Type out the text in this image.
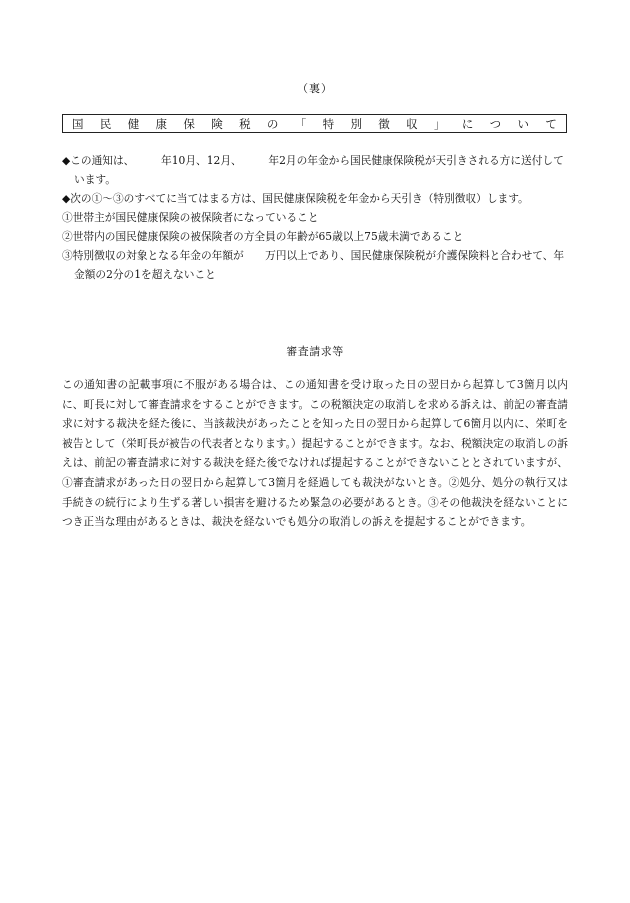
（裏）
国 民 健 康 保 険 税 の 「 特 別 徴 収 」 に つ い て

◆この通知は、　　　年10月、12月、　　　年2月の年金から国民健康保険税が天引きされる方に送付しています。

◆次の①～③のすべてに当てはまる方は、国民健康保険税を年金から天引き（特別徴収）します。

①世帯主が国民健康保険の被保険者になっていること

②世帯内の国民健康保険の被保険者の方全員の年齢が65歳以上75歳未満であること

③特別徴収の対象となる年金の年額が　　万円以上であり、国民健康保険税が介護保険料と合わせて、年金額の2分の1を超えないこと

審査請求等

この通知書の記載事項に不服がある場合は、この通知書を受け取った日の翌日から起算して3箇月以内に、町長に対して審査請求をすることができます。この税額決定の取消しを求める訴えは、前記の審査請求に対する裁決を経た後に、当該裁決があったことを知った日の翌日から起算して6箇月以内に、栄町を被告として（栄町長が被告の代表者となります。）提起することができます。なお、税額決定の取消しの訴えは、前記の審査請求に対する裁決を経た後でなければ提起することができないこととされていますが、①審査請求があった日の翌日から起算して3箇月を経過しても裁決がないとき。②処分、処分の執行又は手続きの続行により生ずる著しい損害を避けるため緊急の必要があるとき。③その他裁決を経ないことにつき正当な理由があるときは、裁決を経ないでも処分の取消しの訴えを提起することができます。
